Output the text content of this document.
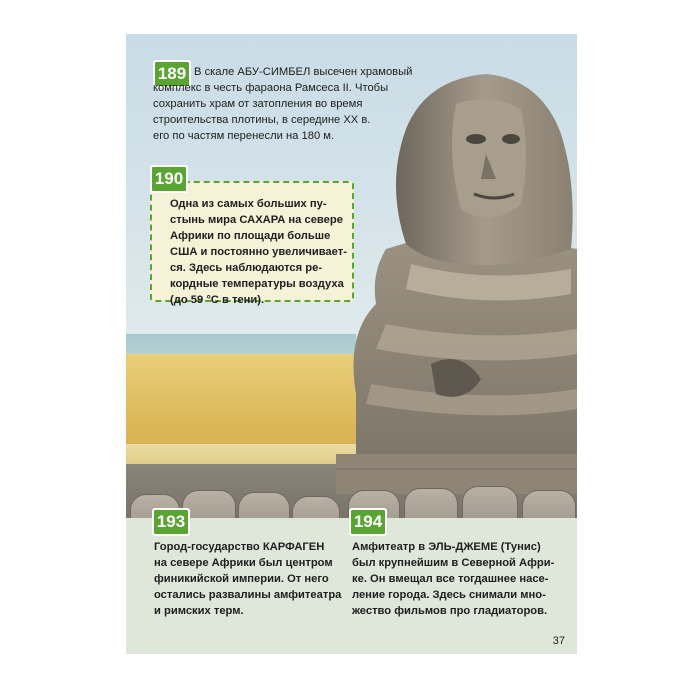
189 В скале АБУ-СИМБЕЛ высечен храмовый
комплекс в честь фараона Рамсеса II. Чтобы
сохранить храм от затопления во время
строительства плотины, в середине XX в.
его по частям перенесли на 180 м.
190
Одна из самых больших пу-
стынь мира САХАРА на севере
Африки по площади больше
США и постоянно увеличивает-
ся. Здесь наблюдаются ре-
кордные температуры воздуха
(до 59 °С в тени).
193
Город-государство КАРФАГЕН
на севере Африки был центром
финикийской империи. От него
остались развалины амфитеатра
и римских терм.
194
Амфитеатр в ЭЛЬ-ДЖЕМЕ (Тунис)
был крупнейшим в Северной Афри-
ке. Он вмещал все тогдашнее насе-
ление города. Здесь снимали мно-
жество фильмов про гладиаторов.
37
